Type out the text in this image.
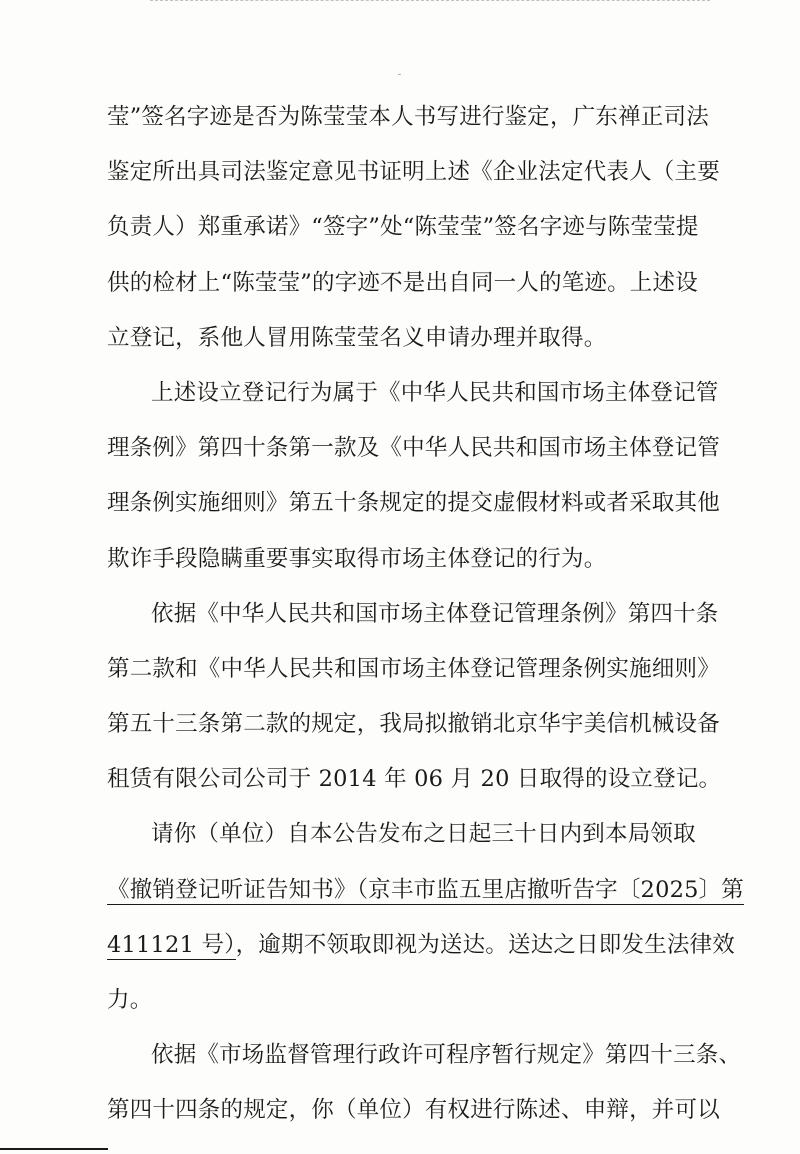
ˉ
莹”签名字迹是否为陈莹莹本人书写进行鉴定，广东禅正司法
鉴定所出具司法鉴定意见书证明上述《企业法定代表人（主要
负责人）郑重承诺》“签字”处“陈莹莹”签名字迹与陈莹莹提
供的检材上“陈莹莹”的字迹不是出自同一人的笔迹。上述设
立登记，系他人冒用陈莹莹名义申请办理并取得。
上述设立登记行为属于《中华人民共和国市场主体登记管
理条例》第四十条第一款及《中华人民共和国市场主体登记管
理条例实施细则》第五十条规定的提交虚假材料或者采取其他
欺诈手段隐瞒重要事实取得市场主体登记的行为。
依据《中华人民共和国市场主体登记管理条例》第四十条
第二款和《中华人民共和国市场主体登记管理条例实施细则》
第五十三条第二款的规定，我局拟撤销北京华宇美信机械设备
租赁有限公司公司于 2014 年 06 月 20 日取得的设立登记。
请你（单位）自本公告发布之日起三十日内到本局领取
《撤销登记听证告知书》（京丰市监五里店撤听告字〔2025〕第
411121 号），逾期不领取即视为送达。送达之日即发生法律效
力。
依据《市场监督管理行政许可程序暂行规定》第四十三条、
第四十四条的规定，你（单位）有权进行陈述、申辩，并可以
